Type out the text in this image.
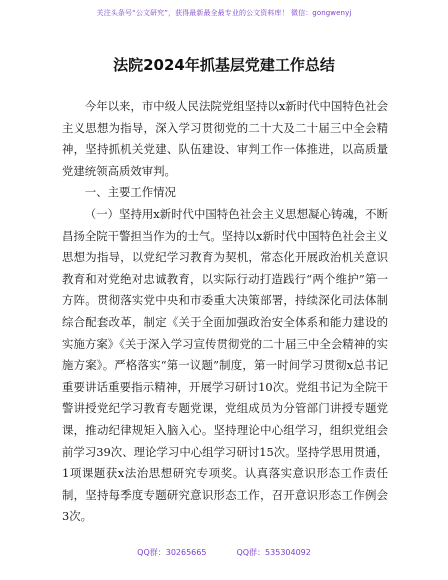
关注头条号“公文研究”，获得最新最全最专业的公文资料库！ 微信：gongwenyj
法院2024年抓基层党建工作总结

今年以来，市中级人民法院党组坚持以x新时代中国特色社会主义思想为指导，深入学习贯彻党的二十大及二十届三中全会精神，坚持抓机关党建、队伍建设、审判工作一体推进，以高质量党建统领高质效审判。

一、主要工作情况

（一）坚持用x新时代中国特色社会主义思想凝心铸魂，不断昌扬全院干警担当作为的士气。坚持以x新时代中国特色社会主义思想为指导，以党纪学习教育为契机，常态化开展政治机关意识教育和对党绝对忠诚教育，以实际行动打造践行“两个维护”第一方阵。贯彻落实党中央和市委重大决策部署，持续深化司法体制综合配套改革，制定《关于全面加强政治安全体系和能力建设的实施方案》《关于深入学习宣传贯彻党的二十届三中全会精神的实施方案》。严格落实“第一议题”制度，第一时间学习贯彻x总书记重要讲话重要指示精神，开展学习研讨10次。党组书记为全院干警讲授党纪学习教育专题党课，党组成员为分管部门讲授专题党课，推动纪律规矩入脑入心。坚持理论中心组学习，组织党组会前学习39次、理论学习中心组学习研讨15次。坚持学思用贯通，1项课题获x法治思想研究专项奖。认真落实意识形态工作责任制，坚持每季度专题研究意识形态工作，召开意识形态工作例会3次。

QQ群：30265665	QQ群：535304092
